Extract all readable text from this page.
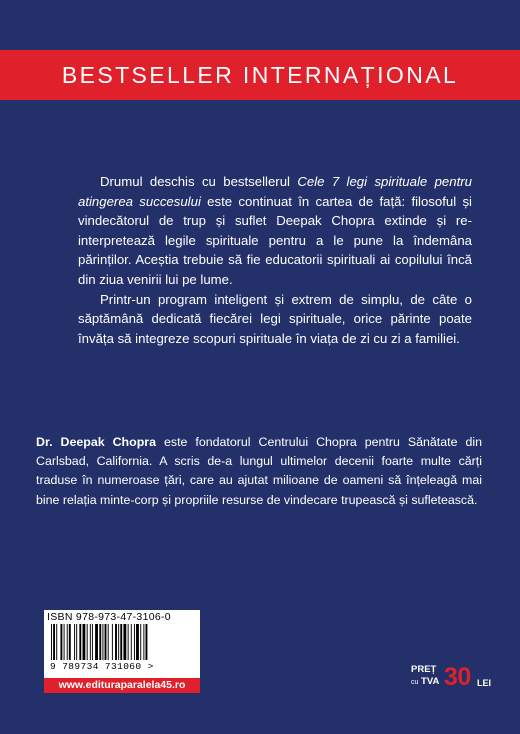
BESTSELLER INTERNAȚIONAL

Drumul deschis cu bestsellerul Cele 7 legi spirituale pentru atingerea succesului este continuat în cartea de față: filosoful și vindecătorul de trup și suflet Deepak Chopra extinde și re-interpretează legile spirituale pentru a le pune la îndemâna părinților. Aceștia trebuie să fie educatorii spirituali ai copilului încă din ziua venirii lui pe lume.

Printr-un program inteligent și extrem de simplu, de câte o săptămână dedicată fiecărei legi spirituale, orice părinte poate învăța să integreze scopuri spirituale în viața de zi cu zi a familiei.

Dr. Deepak Chopra este fondatorul Centrului Chopra pentru Sănătate din Carlsbad, California. A scris de-a lungul ultimelor decenii foarte multe cărți traduse în numeroase țări, care au ajutat milioane de oameni să înțeleagă mai bine relația minte-corp și propriile resurse de vindecare trupească și sufletească.
ISBN 978-973-47-3106-0
9 789734 731060 >
www.edituraparalela45.ro
PREȚ
cu TVA 30 LEI
